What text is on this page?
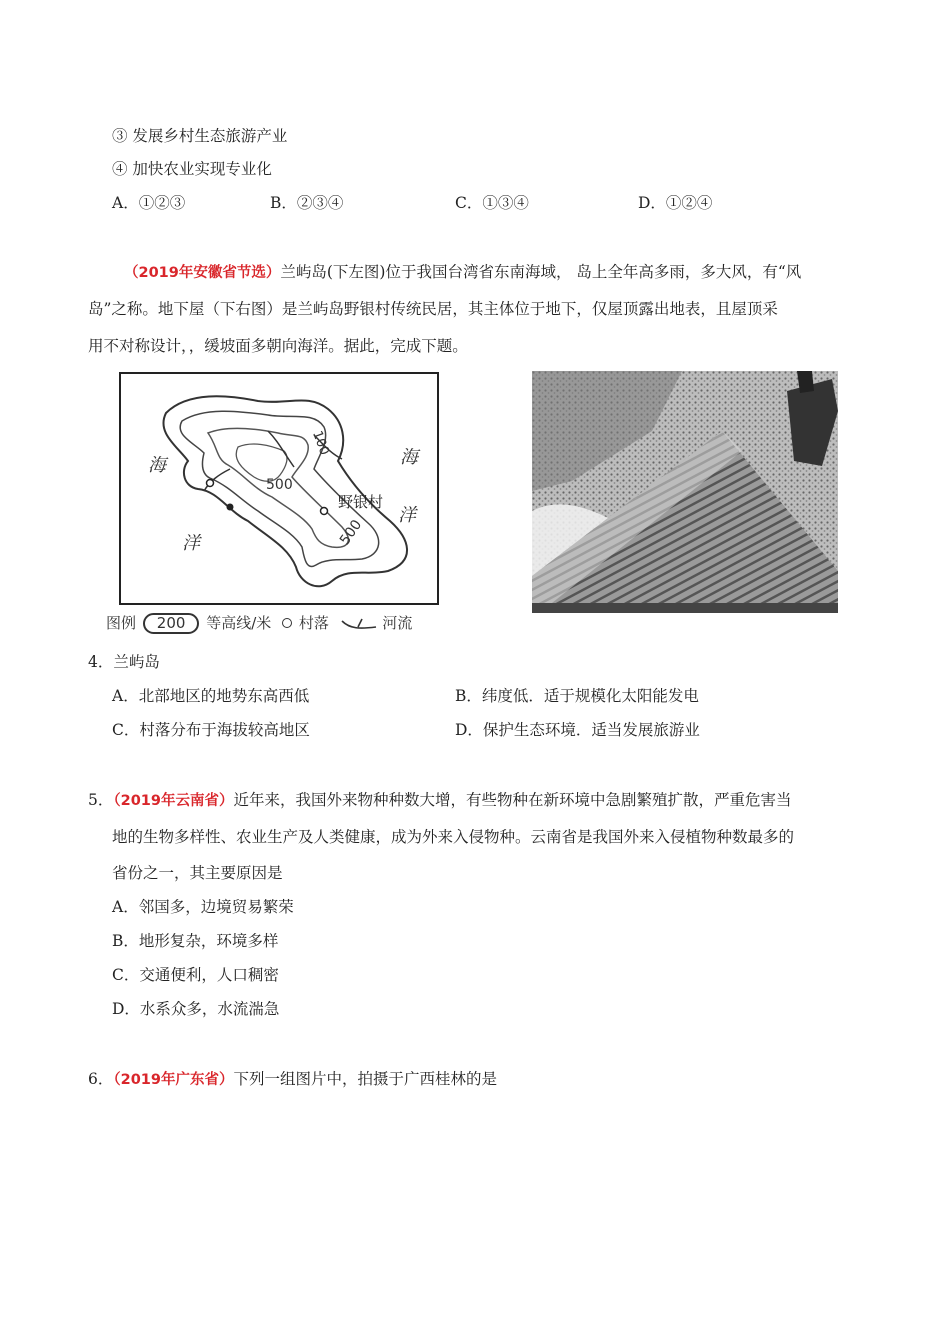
③ 发展乡村生态旅游产业
④ 加快农业实现专业化
A．①②③	B．②③④	C．①③④	D．①②④
（2019年安徽省节选）兰屿岛(下左图)位于我国台湾省东南海域， 岛上全年高多雨，多大风，有“风
岛”之称。地下屋（下右图）是兰屿岛野银村传统民居，其主体位于地下，仅屋顶露出地表，且屋顶采
用不对称设计，，缓坡面多朝向海洋。据此，完成下题。
海
洋
海
洋
野银村
500
500
100
图例 200 等高线/米 村落	河流
4．兰屿岛
A．北部地区的地势东高西低	B．纬度低．适于规模化太阳能发电
C．村落分布于海拔较高地区	D．保护生态环境．适当发展旅游业
5．（2019年云南省）近年来，我国外来物种种数大增，有些物种在新环境中急剧繁殖扩散，严重危害当
地的生物多样性、农业生产及人类健康，成为外来入侵物种。云南省是我国外来入侵植物种数最多的
省份之一，其主要原因是
A．邻国多，边境贸易繁荣
B．地形复杂，环境多样
C．交通便利，人口稠密
D．水系众多，水流湍急
6．（2019年广东省）下列一组图片中，拍摄于广西桂林的是
